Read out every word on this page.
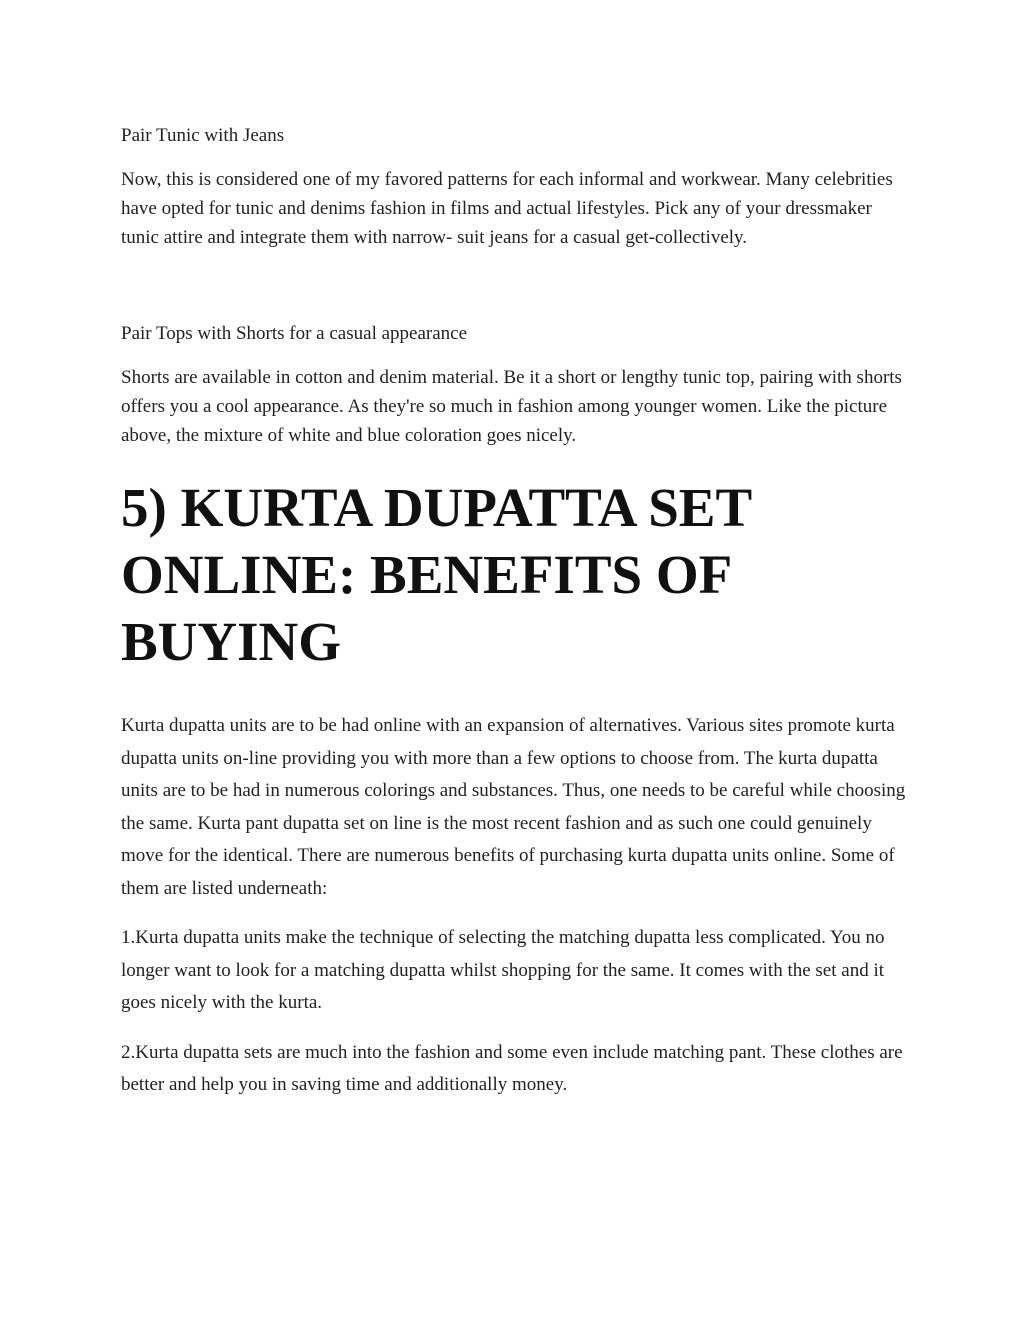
Pair Tunic with Jeans

Now, this is considered one of my favored patterns for each informal and workwear. Many celebrities have opted for tunic and denims fashion in films and actual lifestyles. Pick any of your dressmaker tunic attire and integrate them with narrow- suit jeans for a casual get-collectively.

Pair Tops with Shorts for a casual appearance

Shorts are available in cotton and denim material. Be it a short or lengthy tunic top, pairing with shorts offers you a cool appearance. As they're so much in fashion among younger women. Like the picture above, the mixture of white and blue coloration goes nicely.

5) KURTA DUPATTA SET ONLINE: BENEFITS OF BUYING

Kurta dupatta units are to be had online with an expansion of alternatives. Various sites promote kurta dupatta units on-line providing you with more than a few options to choose from. The kurta dupatta units are to be had in numerous colorings and substances. Thus, one needs to be careful while choosing the same. Kurta pant dupatta set on line is the most recent fashion and as such one could genuinely move for the identical. There are numerous benefits of purchasing kurta dupatta units online. Some of them are listed underneath:

1.Kurta dupatta units make the technique of selecting the matching dupatta less complicated. You no longer want to look for a matching dupatta whilst shopping for the same. It comes with the set and it goes nicely with the kurta.

2.Kurta dupatta sets are much into the fashion and some even include matching pant. These clothes are better and help you in saving time and additionally money.
